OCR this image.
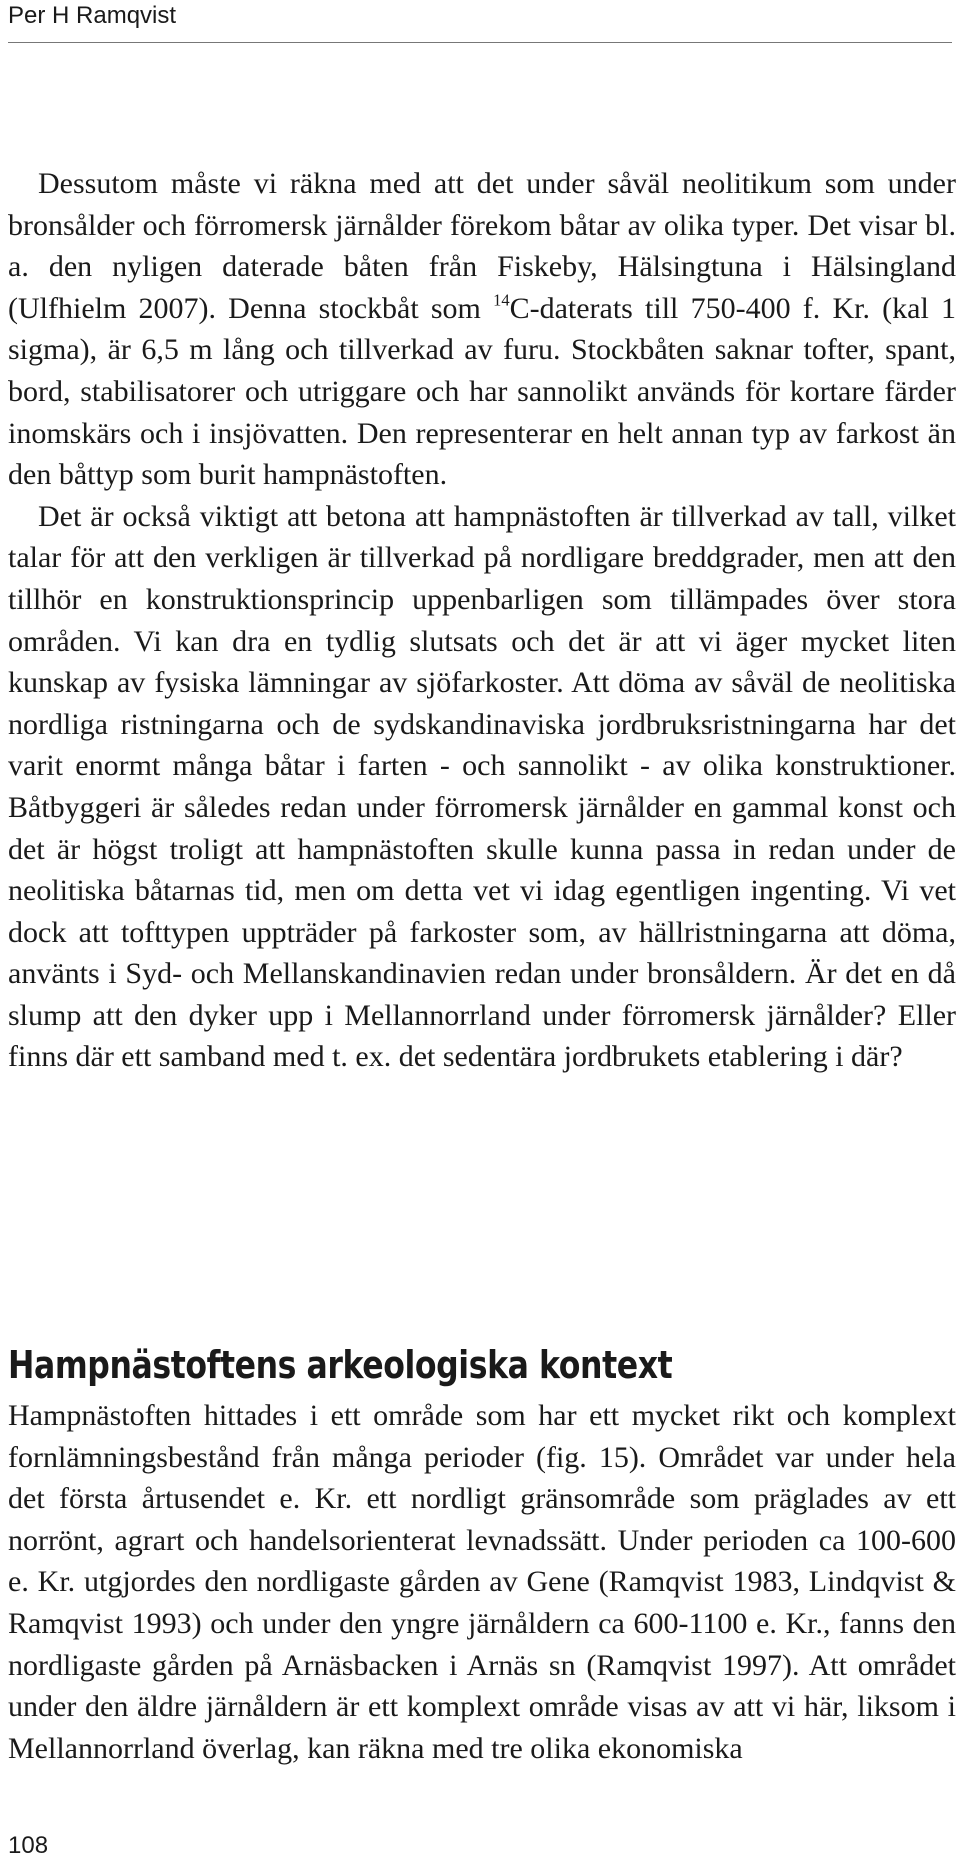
Per H Ramqvist

Dessutom måste vi räkna med att det under såväl neolitikum som under bronsålder och förromersk järnålder förekom båtar av olika typer. Det visar bl. a. den nyligen daterade båten från Fiskeby, Hälsingtuna i Hälsingland (Ulfhielm 2007). Denna stockbåt som $^{14}$C-daterats till 750-400 f. Kr. (kal 1 sigma), är 6,5 m lång och tillverkad av furu. Stockbåten saknar tofter, spant, bord, stabilisatorer och utriggare och har sannolikt används för kortare färder inomskärs och i insjövatten. Den representerar en helt annan typ av farkost än den båttyp som burit hampnästoften.

Det är också viktigt att betona att hampnästoften är tillverkad av tall, vilket talar för att den verkligen är tillverkad på nordligare breddgrader, men att den tillhör en konstruktionsprincip uppenbarligen som tillämpades över stora områden. Vi kan dra en tydlig slutsats och det är att vi äger mycket liten kunskap av fysiska lämningar av sjöfarkoster. Att döma av såväl de neolitiska nordliga ristningarna och de sydskandinaviska jordbruksristningarna har det varit enormt många båtar i farten - och sannolikt - av olika konstruktioner. Båtbyggeri är således redan under förromersk järnålder en gammal konst och det är högst troligt att hampnästoften skulle kunna passa in redan under de neolitiska båtarnas tid, men om detta vet vi idag egentligen ingenting. Vi vet dock att tofttypen uppträder på farkoster som, av hällristningarna att döma, använts i Syd- och Mellanskandinavien redan under bronsåldern. Är det en då slump att den dyker upp i Mellannorrland under förromersk järnålder? Eller finns där ett samband med t. ex. det sedentära jordbrukets etablering i där?

Hampnästoftens arkeologiska kontext

Hampnästoften hittades i ett område som har ett mycket rikt och komplext fornlämningsbestånd från många perioder (fig. 15). Området var under hela det första årtusendet e. Kr. ett nordligt gränsområde som präglades av ett norrönt, agrart och handelsorienterat levnadssätt. Under perioden ca 100-600 e. Kr. utgjordes den nordligaste gården av Gene (Ramqvist 1983, Lindqvist & Ramqvist 1993) och under den yngre järnåldern ca 600-1100 e. Kr., fanns den nordligaste gården på Arnäsbacken i Arnäs sn (Ramqvist 1997). Att området under den äldre järnåldern är ett komplext område visas av att vi här, liksom i Mellannorrland överlag, kan räkna med tre olika ekonomiska

108
